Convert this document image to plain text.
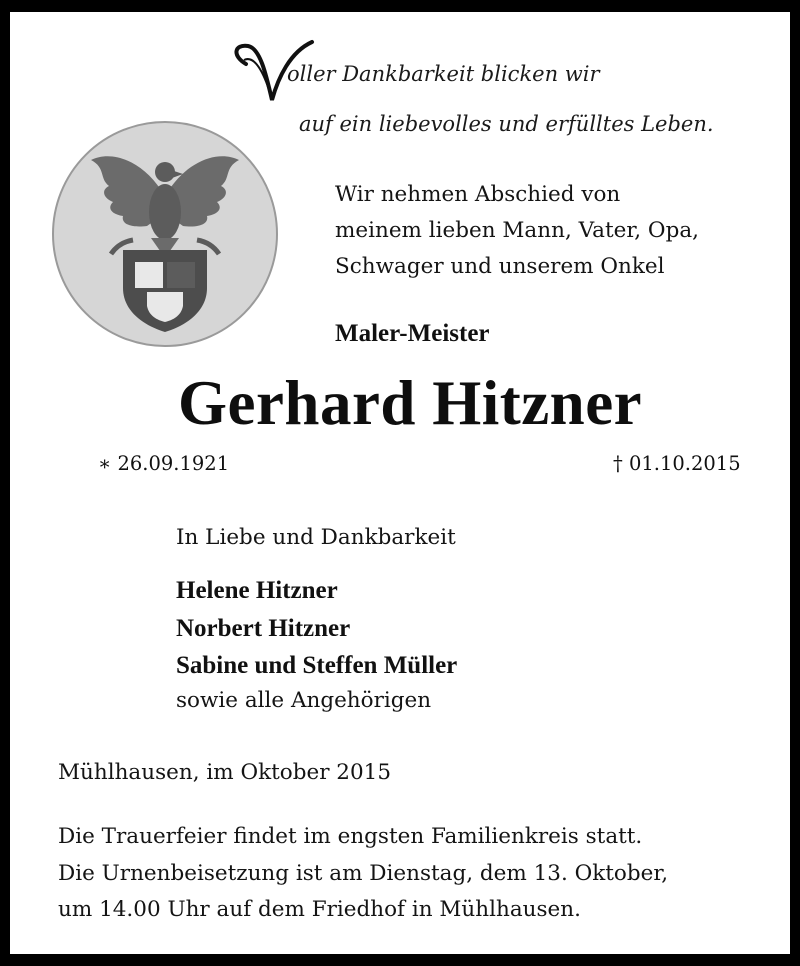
oller Dankbarkeit blicken wir
auf ein liebevolles und erfülltes Leben.
Wir nehmen Abschied von
meinem lieben Mann, Vater, Opa,
Schwager und unserem Onkel
Maler-Meister
Gerhard Hitzner
∗ 26.09.1921	† 01.10.2015
In Liebe und Dankbarkeit
Helene Hitzner
Norbert Hitzner
Sabine und Steffen Müller
sowie alle Angehörigen
Mühlhausen, im Oktober 2015
Die Trauerfeier findet im engsten Familienkreis statt.
Die Urnenbeisetzung ist am Dienstag, dem 13. Oktober,
um 14.00 Uhr auf dem Friedhof in Mühlhausen.
